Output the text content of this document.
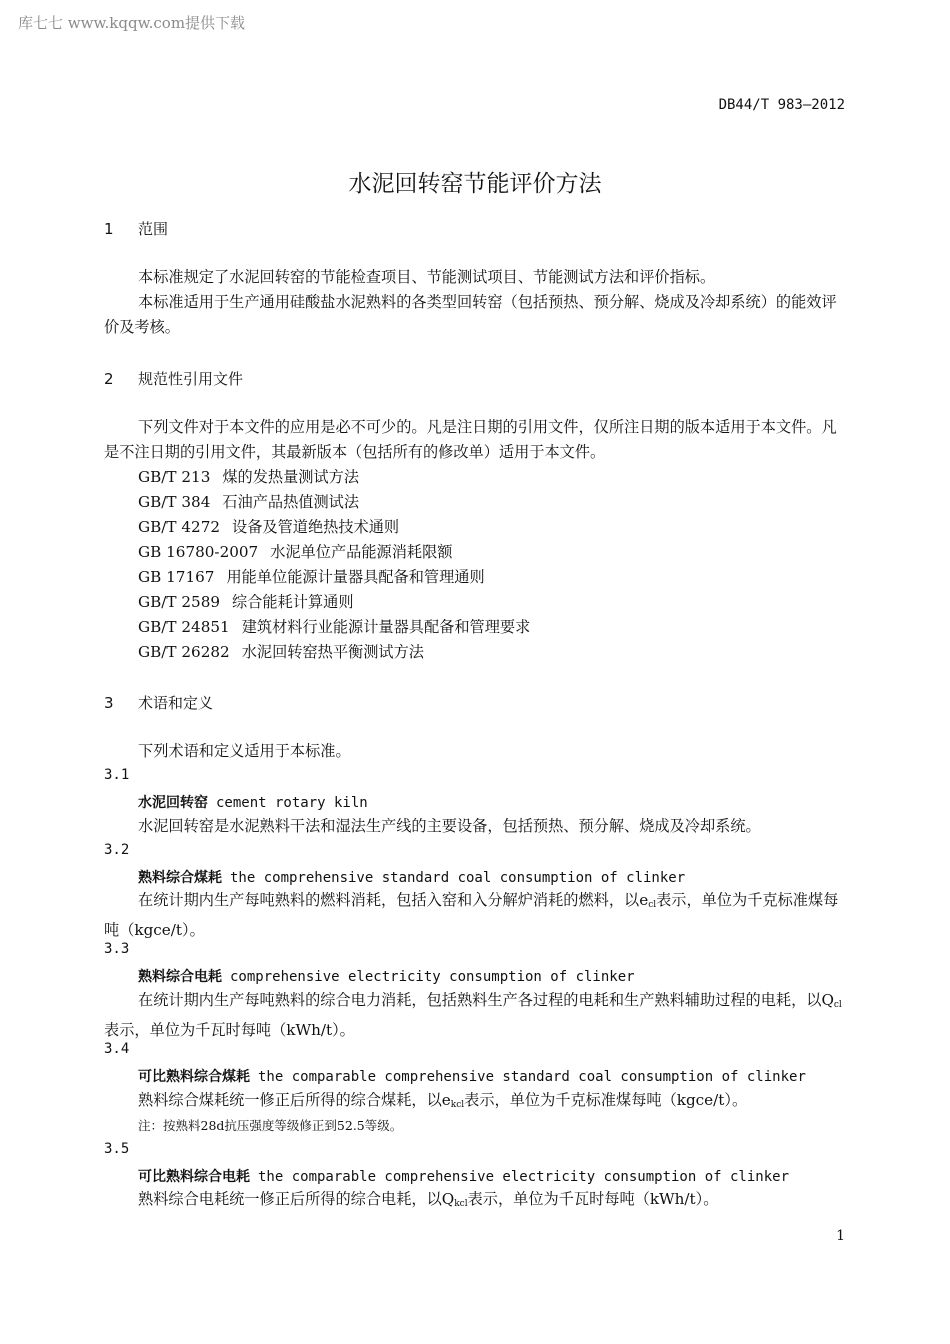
库七七 www.kqqw.com提供下载
DB44/T 983—2012
水泥回转窑节能评价方法
1 范围
本标准规定了水泥回转窑的节能检查项目、节能测试项目、节能测试方法和评价指标。
本标准适用于生产通用硅酸盐水泥熟料的各类型回转窑（包括预热、预分解、烧成及冷却系统）的能效评价及考核。
2 规范性引用文件
下列文件对于本文件的应用是必不可少的。凡是注日期的引用文件，仅所注日期的版本适用于本文件。凡是不注日期的引用文件，其最新版本（包括所有的修改单）适用于本文件。
GB/T 213 煤的发热量测试方法
GB/T 384 石油产品热值测试法
GB/T 4272 设备及管道绝热技术通则
GB 16780-2007 水泥单位产品能源消耗限额
GB 17167 用能单位能源计量器具配备和管理通则
GB/T 2589 综合能耗计算通则
GB/T 24851 建筑材料行业能源计量器具配备和管理要求
GB/T 26282 水泥回转窑热平衡测试方法
3 术语和定义
下列术语和定义适用于本标准。
3.1
水泥回转窑 cement rotary kiln
水泥回转窑是水泥熟料干法和湿法生产线的主要设备，包括预热、预分解、烧成及冷却系统。
3.2
熟料综合煤耗 the comprehensive standard coal consumption of clinker
在统计期内生产每吨熟料的燃料消耗，包括入窑和入分解炉消耗的燃料，以$e_{cl}$表示，单位为千克标准煤每吨（kgce/t）。
3.3
熟料综合电耗 comprehensive electricity consumption of clinker
在统计期内生产每吨熟料的综合电力消耗，包括熟料生产各过程的电耗和生产熟料辅助过程的电耗，以$Q_{cl}$表示，单位为千瓦时每吨（kWh/t）。
3.4
可比熟料综合煤耗 the comparable comprehensive standard coal consumption of clinker
熟料综合煤耗统一修正后所得的综合煤耗，以$e_{kcl}$表示，单位为千克标准煤每吨（kgce/t）。
注：按熟料28d抗压强度等级修正到52.5等级。
3.5
可比熟料综合电耗 the comparable comprehensive electricity consumption of clinker
熟料综合电耗统一修正后所得的综合电耗，以$Q_{kcl}$表示，单位为千瓦时每吨（kWh/t）。
1
